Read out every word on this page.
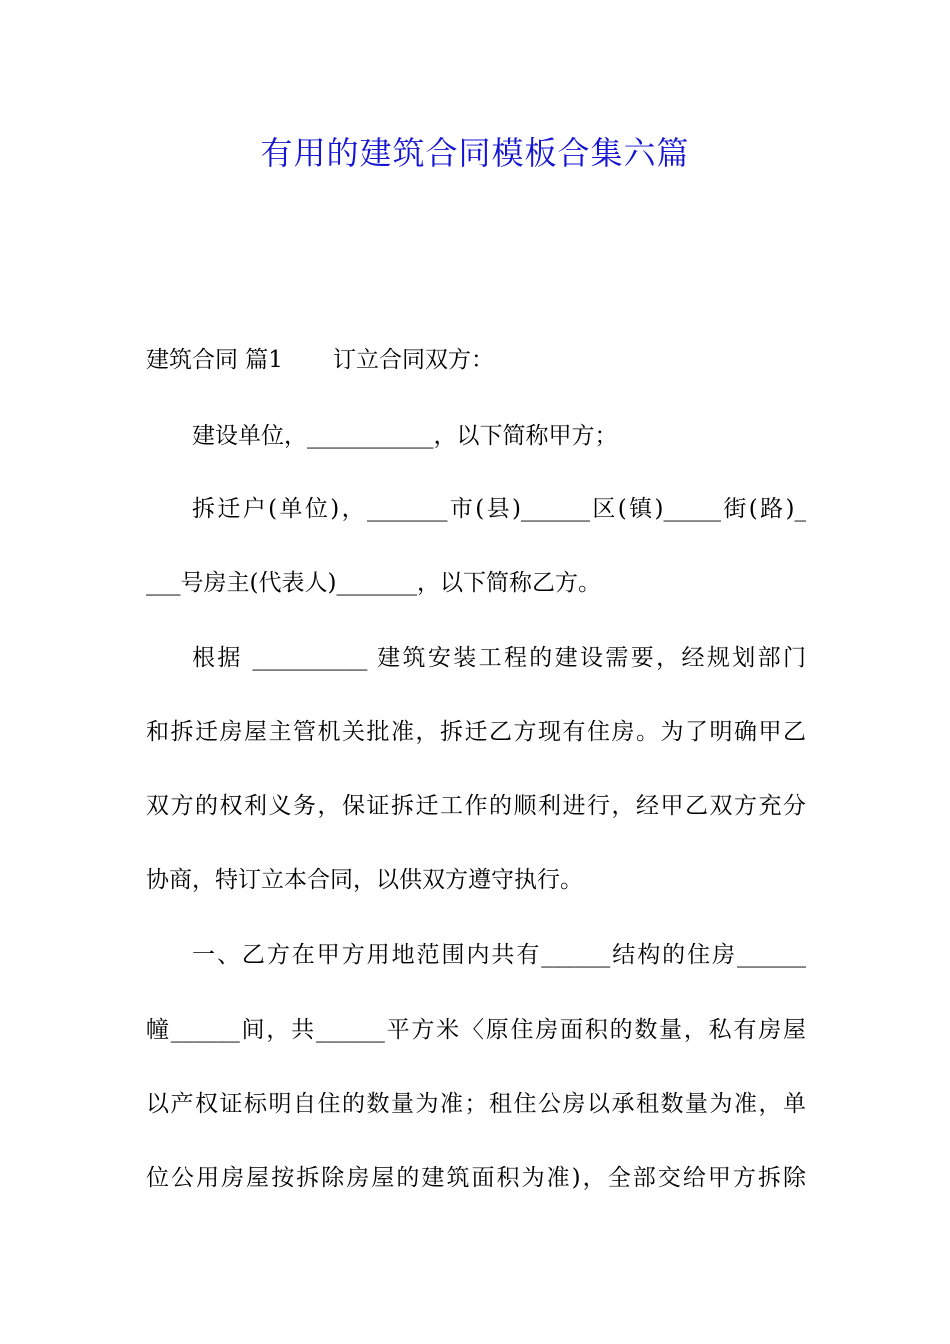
有用的建筑合同模板合集六篇
建筑合同 篇1 订立合同双方：
建设单位，___________，以下简称甲方；
拆迁户(单位)，_______市(县)______区(镇)_____街(路)_
___号房主(代表人)_______，以下简称乙方。
根据 __________ 建筑安装工程的建设需要，经规划部门
和拆迁房屋主管机关批准，拆迁乙方现有住房。为了明确甲乙
双方的权利义务，保证拆迁工作的顺利进行，经甲乙双方充分
协商，特订立本合同，以供双方遵守执行。
一、乙方在甲方用地范围内共有______结构的住房______
幢______间，共______平方米〈原住房面积的数量，私有房屋
以产权证标明自住的数量为准；租住公房以承租数量为准，单
位公用房屋按拆除房屋的建筑面积为准)，全部交给甲方拆除
